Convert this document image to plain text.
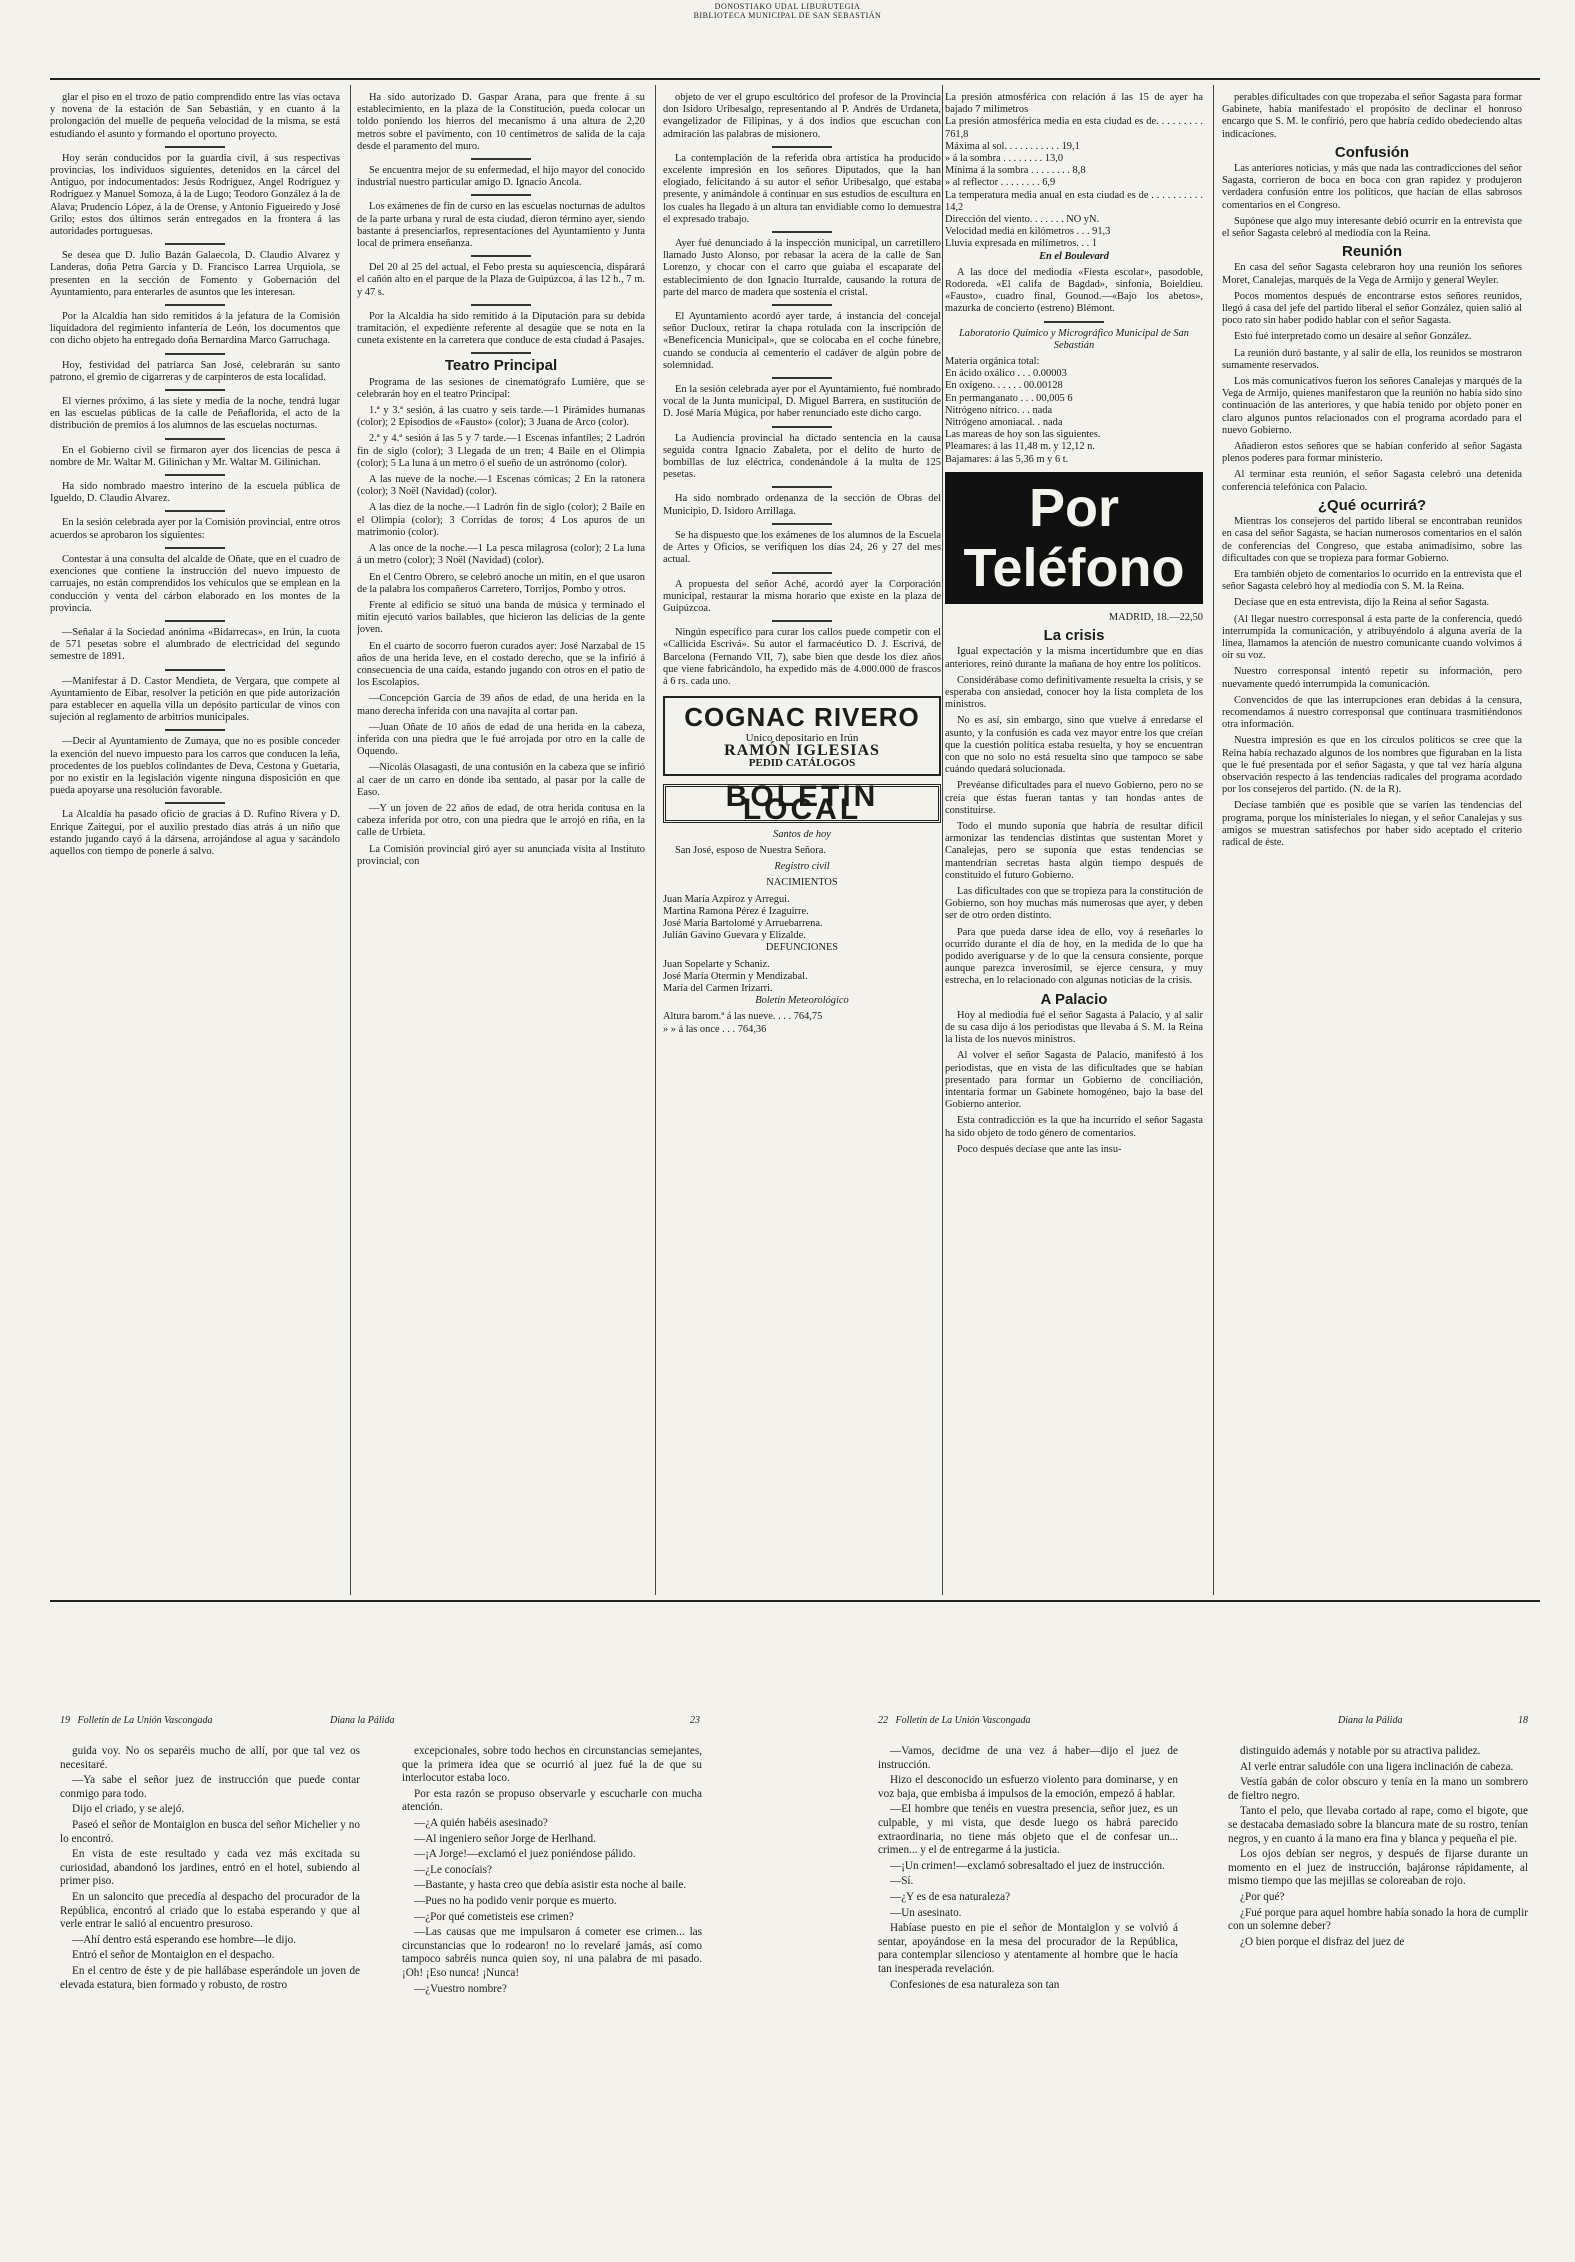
DONOSTIAKO UDAL LIBURUTEGIA
BIBLIOTECA MUNICIPAL DE SAN SEBASTIÁN

glar el piso en el trozo de patio comprendido entre las vías octava y novena de la estación de San Sebastián, y en cuanto á la prolongación del muelle de pequeña velocidad de la misma, se está estudiando el asunto y formando el oportuno proyecto.

Hoy serán conducidos por la guardia civil, á sus respectivas provincias, los individuos siguientes, detenidos en la cárcel del Antiguo, por indocumentados: Jesús Rodríguez, Angel Rodríguez y Rodríguez y Manuel Somoza, á la de Lugo; Teodoro González á la de Alava; Prudencio López, á la de Orense, y Antonio Figueiredo y José Grilo; estos dos últimos serán entregados en la frontera á las autoridades portuguesas.

Se desea que D. Julio Bazán Galaecola, D. Claudio Alvarez y Landeras, doña Petra García y D. Francisco Larrea Urquiola, se presenten en la sección de Fomento y Gobernación del Ayuntamiento, para enterarles de asuntos que les interesan.

Por la Alcaldía han sido remitidos á la jefatura de la Comisión liquidadora del regimiento infantería de León, los documentos que con dicho objeto ha entregado doña Bernardina Marco Garruchaga.

Hoy, festividad del patriarca San José, celebrarán su santo patrono, el gremio de cigarreras y de carpinteros de esta localidad.

El viernes próximo, á las siete y media de la noche, tendrá lugar en las escuelas públicas de la calle de Peñaflorida, el acto de la distribución de premios á los alumnos de las escuelas nocturnas.

En el Gobierno civil se firmaron ayer dos licencias de pesca á nombre de Mr. Waltar M. Gilinichan y Mr. Waltar M. Gilinichan.

Ha sido nombrado maestro interino de la escuela pública de Igueldo, D. Claudio Alvarez.

En la sesión celebrada ayer por la Comisión provincial, entre otros acuerdos se aprobaron los siguientes:

Contestar á una consulta del alcalde de Oñate, que en el cuadro de exenciones que contiene la instrucción del nuevo impuesto de carruajes, no están comprendidos los vehículos que se emplean en la conducción y venta del cárbon elaborado en los montes de la provincia.

—Señalar á la Sociedad anónima «Bidarrecas», en Irún, la cuota de 571 pesetas sobre el alumbrado de electricidad del segundo semestre de 1891.

—Manifestar á D. Castor Mendieta, de Vergara, que compete al Ayuntamiento de Eibar, resolver la petición en que pide autorización para establecer en aquella villa un depósito particular de vinos con sujeción al reglamento de arbitrios municipales.

—Decir al Ayuntamiento de Zumaya, que no es posible conceder la exención del nuevo impuesto para los carros que conducen la leña, procedentes de los pueblos colindantes de Deva, Cestona y Guetaria, por no existir en la legislación vigente ninguna disposición en que pueda apoyarse una resolución favorable.

La Alcaldía ha pasado oficio de gracias á D. Rufino Rivera y D. Enrique Zaitegui, por el auxilio prestado días atrás á un niño que estando jugando cayó á la dársena, arrojándose al agua y sacándolo aquellos con tiempo de ponerle á salvo.

Ha sido autorizado D. Gaspar Arana, para que frente á su establecimiento, en la plaza de la Constitución, pueda colocar un toldo poniendo los hierros del mecanismo á una altura de 2,20 metros sobre el pavimento, con 10 centímetros de salida de la caja desde el paramento del muro.

Se encuentra mejor de su enfermedad, el hijo mayor del conocido industrial nuestro particular amigo D. Ignacio Ancola.

Los exámenes de fin de curso en las escuelas nocturnas de adultos de la parte urbana y rural de esta ciudad, dieron término ayer, siendo bastante á presenciarlos, representaciones del Ayuntamiento y Junta local de primera enseñanza.

Del 20 al 25 del actual, el Febo presta su aquiescencia, dispárará el cañón alto en el parque de la Plaza de Guipúzcoa, á las 12 h., 7 m. y 47 s.

Por la Alcaldía ha sido remitido á la Diputación para su debida tramitación, el expediente referente al desagüe que se nota en la cuneta existente en la carretera que conduce de esta ciudad á Pasajes.

Teatro Principal

Programa de las sesiones de cinematógrafo Lumière, que se celebrarán hoy en el teatro Principal:

1.ª y 3.ª sesión, á las cuatro y seis tarde.—1 Pirámides humanas (color); 2 Episodios de «Fausto» (color); 3 Juana de Arco (color).

2.ª y 4.ª sesión á las 5 y 7 tarde.—1 Escenas infantiles; 2 Ladrón fin de siglo (color); 3 Llegada de un tren; 4 Baile en el Olimpia (color); 5 La luna á un metro ó el sueño de un astrónomo (color).

A las nueve de la noche.—1 Escenas cómicas; 2 En la ratonera (color); 3 Noël (Navidad) (color).

A las diez de la noche.—1 Ladrón fin de siglo (color); 2 Baile en el Olimpia (color); 3 Corridas de toros; 4 Los apuros de un matrimonio (color).

A las once de la noche.—1 La pesca milagrosa (color); 2 La luna á un metro (color); 3 Noël (Navidad) (color).

En el Centro Obrero, se celebró anoche un mitin, en el que usaron de la palabra los compañeros Carretero, Torrijos, Pombo y otros.

Frente al edificio se situó una banda de música y terminado el mitin ejecutó varios bailables, que hicieron las delicias de la gente joven.

En el cuarto de socorro fueron curados ayer: José Narzabal de 15 años de una herida leve, en el costado derecho, que se la infirió á consecuencia de una caída, estando jugando con otros en el patio de los Escolapios.

—Concepción García de 39 años de edad, de una herida en la mano derecha inferida con una navajita al cortar pan.

—Juan Oñate de 10 años de edad de una herida en la cabeza, inferida con una piedra que le fué arrojada por otro en la calle de Oquendo.

—Nicolás Olasagasti, de una contusión en la cabeza que se infirió al caer de un carro en donde iba sentado, al pasar por la calle de Easo.

—Y un joven de 22 años de edad, de otra herida contusa en la cabeza inferida por otro, con una piedra que le arrojó en riña, en la calle de Urbieta.

La Comisión provincial giró ayer su anunciada visita al Instituto provincial, con

objeto de ver el grupo escultórico del profesor de la Provincia don Isidoro Uribesalgo, representando al P. Andrés de Urdaneta, evangelizador de Filipinas, y á dos indios que escuchan con admiración las palabras de misionero.

La contemplación de la referida obra artística ha producido excelente impresión en los señores Diputados, que la han elogiado, felicitando á su autor el señor Uribesalgo, que estaba presente, y animándole á continuar en sus estudios de escultura en los cuales ha llegado á un altura tan envidiable como lo demuestra el expresado trabajo.

Ayer fué denunciado á la inspección municipal, un carretillero llamado Justo Alonso, por rebasar la acera de la calle de San Lorenzo, y chocar con el carro que guiaba el escaparate del establecimiento de don Ignacio Iturralde, causando la rotura de parte del marco de madera que sostenía el cristal.

El Ayuntamiento acordó ayer tarde, á instancia del concejal señor Ducloux, retirar la chapa rotulada con la inscripción de «Beneficencia Municipal», que se colocaba en el coche fúnebre, cuando se conducía al cementerio el cadáver de algún pobre de solemnidad.

En la sesión celebrada ayer por el Ayuntamiento, fué nombrado vocal de la Junta municipal, D. Miguel Barrera, en sustitución de D. José María Múgica, por haber renunciado este dicho cargo.

La Audiencia provincial ha dictado sentencia en la causa seguida contra Ignacio Zabaleta, por el delito de hurto de bombillas de luz eléctrica, condenándole á la multa de 125 pesetas.

Ha sido nombrado ordenanza de la sección de Obras del Municipio, D. Isidoro Arrillaga.

Se ha dispuesto que los exámenes de los alumnos de la Escuela de Artes y Oficios, se verifiquen los días 24, 26 y 27 del mes actual.

A propuesta del señor Aché, acordó ayer la Corporación municipal, restaurar la misma horario que existe en la plaza de Guipúzcoa.

Ningún específico para curar los callos puede competir con el «Callicida Escrivá». Su autor el farmacéutico D. J. Escrivá, de Barcelona (Fernando VII, 7), sabe bien que desde los diez años que viene fabricándolo, ha expedido más de 4.000.000 de frascos á 6 rs. cada uno.

COGNAC RIVERO
Unico depositario en Irún
RAMÓN IGLESIAS
PEDID CATÁLOGOS
BOLETIN LOCAL

Santos de hoy

San José, esposo de Nuestra Señora.

Registro civil

NACIMIENTOS

Juan María Azpiroz y Arregui.

Martina Ramona Pérez é Izaguirre.

José María Bartolomé y Arruebarrena.

Julián Gavino Guevara y Elizalde.

DEFUNCIONES

Juan Sopelarte y Schaniz.

José María Otermin y Mendizabal.

María del Carmen Irizarri.

Boletín Meteorológico

Altura barom.ª á las nueve. . . . 764,75

» » á las once . . . 764,36

La presión atmosférica con relación á las 15 de ayer ha bajado 7 milímetros

La presión atmosférica media en esta ciudad es de. . . . . . . . . 761,8

Máxima al sol. . . . . . . . . . . 19,1

» á la sombra . . . . . . . . 13,0

Mínima á la sombra . . . . . . . . 8,8

» al reflector . . . . . . . . 6,9

La temperatura media anual en esta ciudad es de . . . . . . . . . . 14,2

Dirección del viento. . . . . . . NO yN.

Velocidad media en kilómetros . . . 91,3

Lluvia expresada en milímetros. . . 1

En el Boulevard

A las doce del mediodía «Fiesta escolar», pasodoble, Rodoreda. «El califa de Bagdad», sinfonía, Boieldieu. «Fausto», cuadro final, Gounod.—«Bajo los abetos», mazurka de concierto (estreno) Blémont.

Laboratorio Químico y Micrográfico Municipal de San Sebastián

Materia orgánica total:

En ácido oxálico . . . 0.00003

En oxígeno. . . . . . 00.00128

En permanganato . . . 00,005 6

Nitrógeno nítrico. . . nada

Nitrógeno amoniacal. . nada

Las mareas de hoy son las siguientes.

Pleamares: á las 11,48 m. y 12,12 n.

Bajamares: á las 5,36 m y 6 t.

Por Teléfono

MADRID, 18.—22,50

La crisis

Igual expectación y la misma incertidumbre que en días anteriores, reinó durante la mañana de hoy entre los políticos.

Considérábase como definitivamente resuelta la crisis, y se esperaba con ansiedad, conocer hoy la lista completa de los ministros.

No es así, sin embargo, sino que vuelve á enredarse el asunto, y la confusión es cada vez mayor entre los que creían que la cuestión política estaba resuelta, y hoy se encuentran con que no solo no está resuelta sino que tampoco se sabe cuándo quedará solucionada.

Prevéanse dificultades para el nuevo Gobierno, pero no se creía que éstas fueran tantas y tan hondas antes de constituirse.

Todo el mundo suponía que habría de resultar difícil armonizar las tendencias distintas que sustentan Moret y Canalejas, pero se suponía que estas tendencias se mantendrían secretas hasta algún tiempo después de constituido el futuro Gobierno.

Las dificultades con que se tropieza para la constitución de Gobierno, son hoy muchas más numerosas que ayer, y deben ser de otro orden distinto.

Para que pueda darse idea de ello, voy á reseñarles lo ocurrido durante el día de hoy, en la medida de lo que ha podido averiguarse y de lo que la censura consiente, porque aunque parezca inverosímil, se ejerce censura, y muy estrecha, en lo relacionado con algunas noticias de la crisis.

A Palacio

Hoy al mediodía fué el señor Sagasta á Palacio, y al salir de su casa dijo á los periodistas que llevaba á S. M. la Reina la lista de los nuevos ministros.

Al volver el señor Sagasta de Palacio, manifestó á los periodistas, que en vista de las dificultades que se habían presentado para formar un Gobierno de conciliación, intentaría formar un Gabinete homogéneo, bajo la base del Gobierno anterior.

Esta contradicción es la que ha incurrido el señor Sagasta ha sido objeto de todo género de comentarios.

Poco después decíase que ante las insu-

perables dificultades con que tropezaba el señor Sagasta para formar Gabinete, había manifestado el propósito de declinar el honroso encargo que S. M. le confirió, pero que habría cedido obedeciendo altas indicaciones.

Confusión

Las anteriores noticias, y más que nada las contradicciones del señor Sagasta, corrieron de boca en boca con gran rapidez y produjeron verdadera confusión entre los políticos, que hacían de ellas sabrosos comentarios en el Congreso.

Supónese que algo muy interesante debió ocurrir en la entrevista que el señor Sagasta celebró al mediodía con la Reina.

Reunión

En casa del señor Sagasta celebraron hoy una reunión los señores Moret, Canalejas, marqués de la Vega de Armijo y general Weyler.

Pocos momentos después de encontrarse estos señores reunidos, llegó á casa del jefe del partido liberal el señor González, quien salió al poco rato sin haber podido hablar con el señor Sagasta.

Esto fué interpretado como un desaire al señor González.

La reunión duró bastante, y al salir de ella, los reunidos se mostraron sumamente reservados.

Los más comunicativos fueron los señores Canalejas y marqués de la Vega de Armijo, quienes manifestaron que la reunión no había sido sino continuación de las anteriores, y que había tenido por objeto poner en claro algunos puntos relacionados con el programa acordado para el nuevo Gobierno.

Añadieron estos señores que se habían conferido al señor Sagasta plenos poderes para formar ministerio.

Al terminar esta reunión, el señor Sagasta celebró una detenida conferencia telefónica con Palacio.

¿Qué ocurrirá?

Mientras los consejeros del partido liberal se encontraban reunidos en casa del señor Sagasta, se hacían numerosos comentarios en el salón de conferencias del Congreso, que estaba animadísimo, sobre las dificultades con que se tropieza para formar Gobierno.

Era también objeto de comentarios lo ocurrido en la entrevista que el señor Sagasta celebró hoy al mediodía con S. M. la Reina.

Decíase que en esta entrevista, dijo la Reina al señor Sagasta.

(Al llegar nuestro corresponsal á esta parte de la conferencia, quedó interrumpida la comunicación, y atribuyéndolo á alguna avería de la línea, llamamos la atención de nuestro comunicante cuando volvimos á oir su voz.

Nuestro corresponsal intentó repetir su información, pero nuevamente quedó interrumpida la comunicación.

Convencidos de que las interrupciones eran debidas á la censura, recomendamos á nuestro corresponsal que continuara trasmitiéndonos otra información.

Nuestra impresión es que en los círculos políticos se cree que la Reina había rechazado algunos de los nombres que figuraban en la lista que le fué presentada por el señor Sagasta, y que tal vez haría alguna observación respecto á las tendencias radicales del programa acordado por los consejeros del partido. (N. de la R).

Decíase también que es posible que se varíen las tendencias del programa, porque los ministeriales lo niegan, y el señor Canalejas y sus amigos se muestran satisfechos por haber sido aceptado el criterio radical de éste.

19 Folletín de La Unión Vascongada	Diana la Pálida	23	22 Folletín de La Unión Vascongada	Diana la Pálida	18

guida voy. No os separéis mucho de allí, por que tal vez os necesitaré.

—Ya sabe el señor juez de instrucción que puede contar conmigo para todo.

Dijo el criado, y se alejó.

Paseó el señor de Montaiglon en busca del señor Michelier y no lo encontró.

En vista de este resultado y cada vez más excitada su curiosidad, abandonó los jardines, entró en el hotel, subiendo al primer piso.

En un saloncito que precedía al despacho del procurador de la República, encontró al criado que lo estaba esperando y que al verle entrar le salió al encuentro presuroso.

—Ahí dentro está esperando ese hombre—le dijo.

Entró el señor de Montaiglon en el despacho.

En el centro de éste y de pie hallábase esperándole un joven de elevada estatura, bien formado y robusto, de rostro

excepcionales, sobre todo hechos en circunstancias semejantes, que la primera idea que se ocurrió al juez fué la de que su interlocutor estaba loco.

Por esta razón se propuso observarle y escucharle con mucha atención.

—¿A quién habéis asesinado?

—Al ingeniero señor Jorge de Herlhand.

—¡A Jorge!—exclamó el juez poniéndose pálido.

—¿Le conocíais?

—Bastante, y hasta creo que debía asistir esta noche al baile.

—Pues no ha podido venir porque es muerto.

—¿Por qué cometisteis ese crimen?

—Las causas que me impulsaron á cometer ese crimen... las circunstancias que lo rodearon! no lo revelaré jamás, así como tampoco sabréis nunca quien soy, ni una palabra de mi pasado. ¡Oh! ¡Eso nunca! ¡Nunca!

—¿Vuestro nombre?

—Vamos, decidme de una vez á haber—dijo el juez de instrucción.

Hizo el desconocido un esfuerzo violento para dominarse, y en voz baja, que embisba á impulsos de la emoción, empezó á hablar.

—El hombre que tenéis en vuestra presencia, señor juez, es un culpable, y mi vista, que desde luego os habrá parecido extraordinaria, no tiene más objeto que el de confesar un... crimen... y el de entregarme á la justicia.

—¡Un crimen!—exclamó sobresaltado el juez de instrucción.

—Sí.

—¿Y es de esa naturaleza?

—Un asesinato.

Habíase puesto en pie el señor de Montaiglon y se volvió á sentar, apoyándose en la mesa del procurador de la República, para contemplar silencioso y atentamente al hombre que le hacía tan inesperada revelación.

Confesiones de esa naturaleza son tan

distinguido además y notable por su atractiva palidez.

Al verle entrar saludóle con una ligera inclinación de cabeza.

Vestía gabán de color obscuro y tenía en la mano un sombrero de fieltro negro.

Tanto el pelo, que llevaba cortado al rape, como el bigote, que se destacaba demasiado sobre la blancura mate de su rostro, tenían negros, y en cuanto á la mano era fina y blanca y pequeña el pie.

Los ojos debían ser negros, y después de fijarse durante un momento en el juez de instrucción, bajáronse rápidamente, al mismo tiempo que las mejillas se coloreaban de rojo.

¿Por qué?

¿Fué porque para aquel hombre había sonado la hora de cumplir con un solemne deber?

¿O bien porque el disfraz del juez de
